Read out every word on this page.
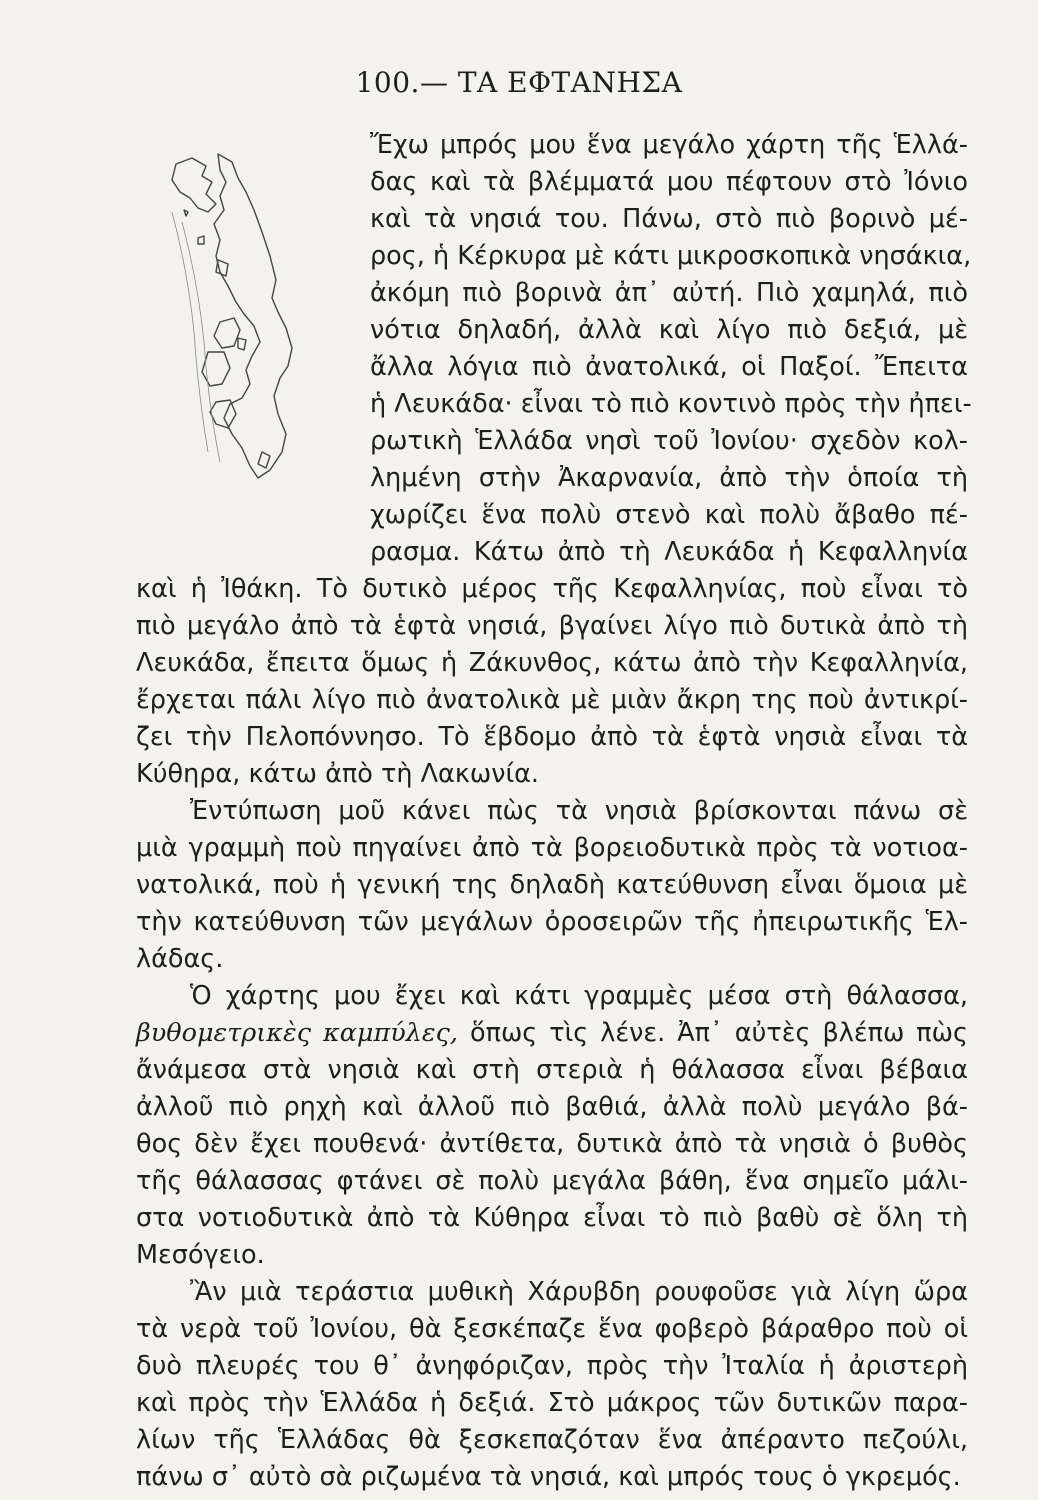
100.— ΤΑ ΕΦΤΑΝΗΣΑ
Ἔχω μπρός μου ἕνα μεγάλο χάρτη τῆς Ἑλλά-
δας καὶ τὰ βλέμματά μου πέφτουν στὸ Ἰόνιο
καὶ τὰ νησιά του. Πάνω, στὸ πιὸ βορινὸ μέ-
ρος, ἡ Κέρκυρα μὲ κάτι μικροσκοπικὰ νησάκια,
ἀκόμη πιὸ βορινὰ ἀπ᾽ αὐτή. Πιὸ χαμηλά, πιὸ
νότια δηλαδή, ἀλλὰ καὶ λίγο πιὸ δεξιά, μὲ
ἄλλα λόγια πιὸ ἀνατολικά, οἱ Παξοί. Ἔπειτα
ἡ Λευκάδα· εἶναι τὸ πιὸ κοντινὸ πρὸς τὴν ἠπει-
ρωτικὴ Ἑλλάδα νησὶ τοῦ Ἰονίου· σχεδὸν κολ-
λημένη στὴν Ἀκαρνανία, ἀπὸ τὴν ὁποία τὴ
χωρίζει ἕνα πολὺ στενὸ καὶ πολὺ ἄβαθο πέ-
ρασμα. Κάτω ἀπὸ τὴ Λευκάδα ἡ Κεφαλληνία
καὶ ἡ Ἰθάκη. Τὸ δυτικὸ μέρος τῆς Κεφαλληνίας, ποὺ εἶναι τὸ
πιὸ μεγάλο ἀπὸ τὰ ἑφτὰ νησιά, βγαίνει λίγο πιὸ δυτικὰ ἀπὸ τὴ
Λευκάδα, ἔπειτα ὅμως ἡ Ζάκυνθος, κάτω ἀπὸ τὴν Κεφαλληνία,
ἔρχεται πάλι λίγο πιὸ ἀνατολικὰ μὲ μιὰν ἄκρη της ποὺ ἀντικρί-
ζει τὴν Πελοπόννησο. Τὸ ἕβδομο ἀπὸ τὰ ἑφτὰ νησιὰ εἶναι τὰ
Κύθηρα, κάτω ἀπὸ τὴ Λακωνία.
Ἐντύπωση μοῦ κάνει πὼς τὰ νησιὰ βρίσκονται πάνω σὲ
μιὰ γραμμὴ ποὺ πηγαίνει ἀπὸ τὰ βορειοδυτικὰ πρὸς τὰ νοτιοα-
νατολικά, ποὺ ἡ γενική της δηλαδὴ κατεύθυνση εἶναι ὅμοια μὲ
τὴν κατεύθυνση τῶν μεγάλων ὀροσειρῶν τῆς ἠπειρωτικῆς Ἑλ-
λάδας.
Ὁ χάρτης μου ἔχει καὶ κάτι γραμμὲς μέσα στὴ θάλασσα,
βυθομετρικὲς καμπύλες, ὅπως τὶς λένε. Ἀπ᾽ αὐτὲς βλέπω πὼς
ἄνάμεσα στὰ νησιὰ καὶ στὴ στεριὰ ἡ θάλασσα εἶναι βέβαια
ἀλλοῦ πιὸ ρηχὴ καὶ ἀλλοῦ πιὸ βαθιά, ἀλλὰ πολὺ μεγάλο βά-
θος δὲν ἔχει πουθενά· ἀντίθετα, δυτικὰ ἀπὸ τὰ νησιὰ ὁ βυθὸς
τῆς θάλασσας φτάνει σὲ πολὺ μεγάλα βάθη, ἕνα σημεῖο μάλι-
στα νοτιοδυτικὰ ἀπὸ τὰ Κύθηρα εἶναι τὸ πιὸ βαθὺ σὲ ὅλη τὴ
Μεσόγειο.
Ἂν μιὰ τεράστια μυθικὴ Χάρυβδη ρουφοῦσε γιὰ λίγη ὥρα
τὰ νερὰ τοῦ Ἰονίου, θὰ ξεσκέπαζε ἕνα φοβερὸ βάραθρο ποὺ οἱ
δυὸ πλευρές του θ᾽ ἀνηφόριζαν, πρὸς τὴν Ἰταλία ἡ ἀριστερὴ
καὶ πρὸς τὴν Ἑλλάδα ἡ δεξιά. Στὸ μάκρος τῶν δυτικῶν παρα-
λίων τῆς Ἑλλάδας θὰ ξεσκεπαζόταν ἕνα ἀπέραντο πεζούλι,
πάνω σ᾽ αὐτὸ σὰ ριζωμένα τὰ νησιά, καὶ μπρός τους ὁ γκρεμός.
